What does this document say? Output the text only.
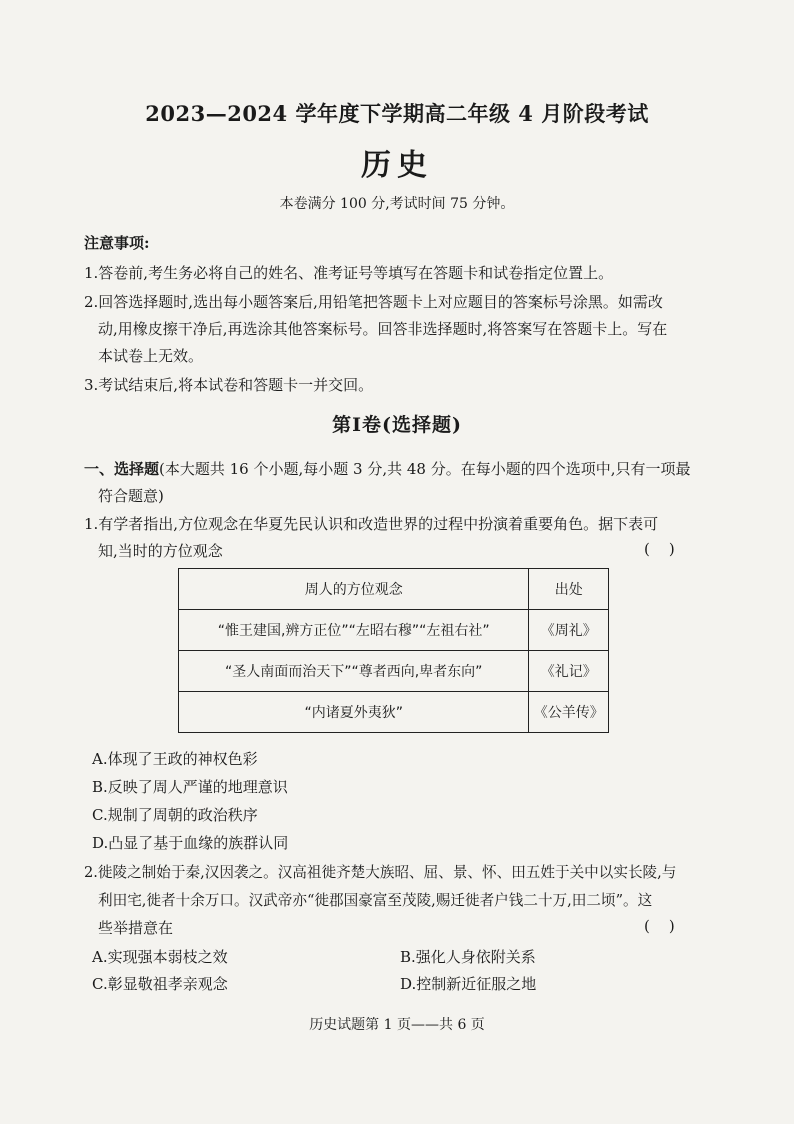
2023—2024 学年度下学期高二年级 4 月阶段考试
历史
本卷满分 100 分,考试时间 75 分钟。
注意事项:
1.答卷前,考生务必将自己的姓名、准考证号等填写在答题卡和试卷指定位置上。
2.回答选择题时,选出每小题答案后,用铅笔把答题卡上对应题目的答案标号涂黑。如需改
动,用橡皮擦干净后,再选涂其他答案标号。回答非选择题时,将答案写在答题卡上。写在
本试卷上无效。
3.考试结束后,将本试卷和答题卡一并交回。
第Ⅰ卷(选择题)
一、选择题(本大题共 16 个小题,每小题 3 分,共 48 分。在每小题的四个选项中,只有一项最
符合题意)
1.有学者指出,方位观念在华夏先民认识和改造世界的过程中扮演着重要角色。据下表可
知,当时的方位观念	(    )
周人的方位观念	出处
“惟王建国,辨方正位”“左昭右穆”“左祖右社”	《周礼》
“圣人南面而治天下”“尊者西向,卑者东向”	《礼记》
“内诸夏外夷狄”	《公羊传》
A.体现了王政的神权色彩
B.反映了周人严谨的地理意识
C.规制了周朝的政治秩序
D.凸显了基于血缘的族群认同
2.徙陵之制始于秦,汉因袭之。汉高祖徙齐楚大族昭、屈、景、怀、田五姓于关中以实长陵,与
利田宅,徙者十余万口。汉武帝亦“徙郡国豪富至茂陵,赐迁徙者户钱二十万,田二顷”。这
些举措意在	(    )
A.实现强本弱枝之效	B.强化人身依附关系
C.彰显敬祖孝亲观念	D.控制新近征服之地
历史试题第 1 页——共 6 页
